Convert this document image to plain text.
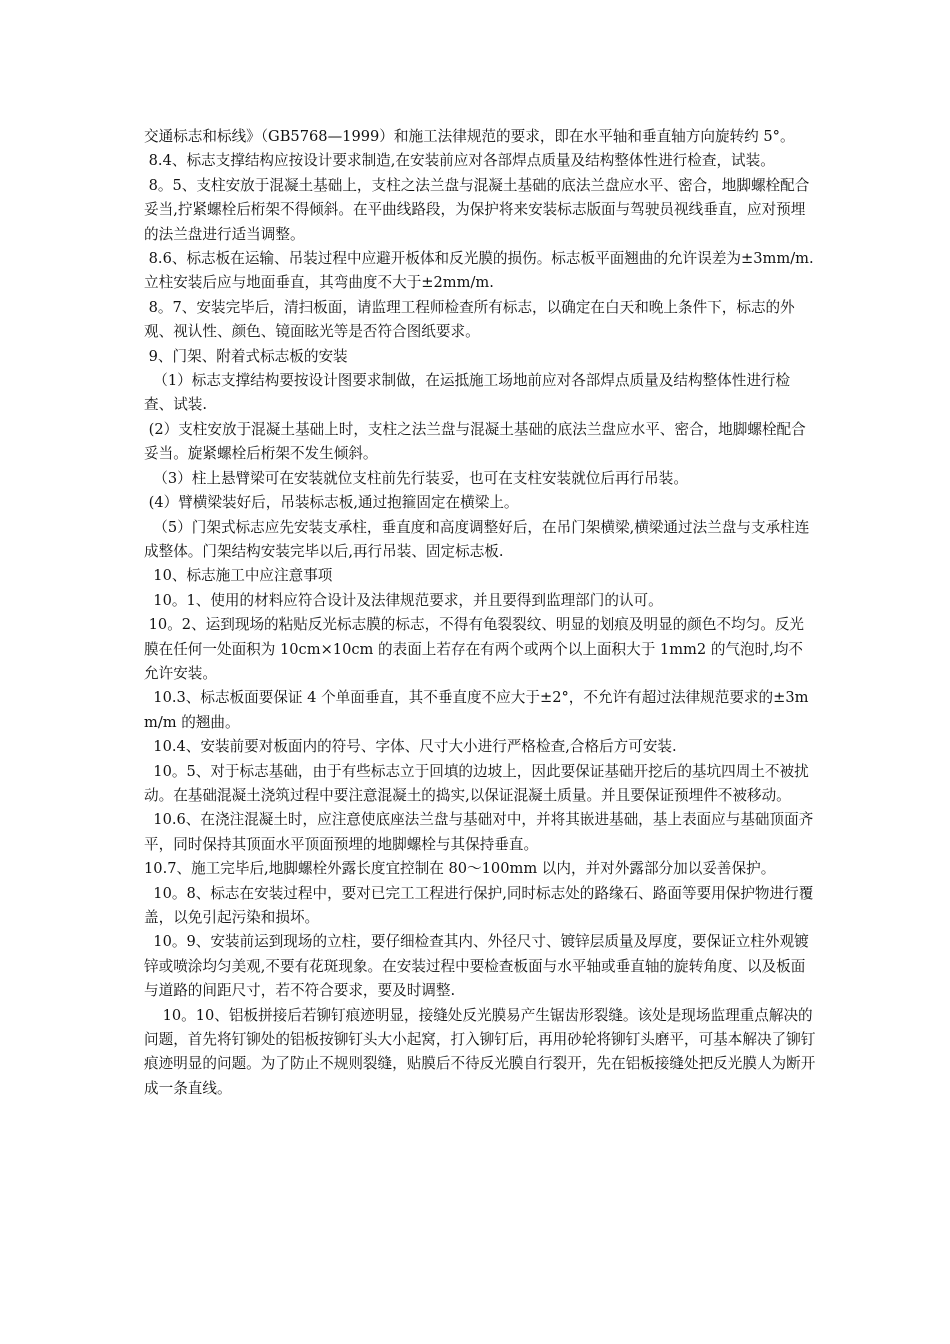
交通标志和标线》（GB5768—1999）和施工法律规范的要求，即在水平轴和垂直轴方向旋转约 5°。

8.4、标志支撑结构应按设计要求制造,在安装前应对各部焊点质量及结构整体性进行检查，试装。

8。5、支柱安放于混凝土基础上，支柱之法兰盘与混凝土基础的底法兰盘应水平、密合，地脚螺栓配合妥当,拧紧螺栓后桁架不得倾斜。在平曲线路段，为保护将来安装标志版面与驾驶员视线垂直，应对预埋的法兰盘进行适当调整。

8.6、标志板在运输、吊装过程中应避开板体和反光膜的损伤。标志板平面翘曲的允许误差为±3mm/m.立柱安装后应与地面垂直，其弯曲度不大于±2mm/m.

8。7、安装完毕后，清扫板面，请监理工程师检查所有标志，以确定在白天和晚上条件下，标志的外观、视认性、颜色、镜面眩光等是否符合图纸要求。

9、门架、附着式标志板的安装

（1）标志支撑结构要按设计图要求制做，在运抵施工场地前应对各部焊点质量及结构整体性进行检查、试装.

(2）支柱安放于混凝土基础上时，支柱之法兰盘与混凝土基础的底法兰盘应水平、密合，地脚螺栓配合妥当。旋紧螺栓后桁架不发生倾斜。

（3）柱上悬臂梁可在安装就位支柱前先行装妥，也可在支柱安装就位后再行吊装。

(4）臂横梁装好后，吊装标志板,通过抱箍固定在横梁上。

（5）门架式标志应先安装支承柱，垂直度和高度调整好后，在吊门架横梁,横梁通过法兰盘与支承柱连成整体。门架结构安装完毕以后,再行吊装、固定标志板.

10、标志施工中应注意事项

10。1、使用的材料应符合设计及法律规范要求，并且要得到监理部门的认可。

10。2、运到现场的粘贴反光标志膜的标志，不得有龟裂裂纹、明显的划痕及明显的颜色不均匀。反光膜在任何一处面积为 10cm×10cm 的表面上若存在有两个或两个以上面积大于 1mm2 的气泡时,均不允许安装。

10.3、标志板面要保证 4 个单面垂直，其不垂直度不应大于±2°，不允许有超过法律规范要求的±3mm/m 的翘曲。

10.4、安装前要对板面内的符号、字体、尺寸大小进行严格检查,合格后方可安装.

10。5、对于标志基础，由于有些标志立于回填的边坡上，因此要保证基础开挖后的基坑四周土不被扰动。在基础混凝土浇筑过程中要注意混凝土的捣实,以保证混凝土质量。并且要保证预埋件不被移动。

10.6、在浇注混凝土时，应注意使底座法兰盘与基础对中，并将其嵌进基础，基上表面应与基础顶面齐平，同时保持其顶面水平顶面预埋的地脚螺栓与其保持垂直。

10.7、施工完毕后,地脚螺栓外露长度宜控制在 80～100mm 以内，并对外露部分加以妥善保护。

10。8、标志在安装过程中，要对已完工工程进行保护,同时标志处的路缘石、路面等要用保护物进行覆盖，以免引起污染和损坏。

10。9、安装前运到现场的立柱，要仔细检查其内、外径尺寸、镀锌层质量及厚度，要保证立柱外观镀锌或喷涂均匀美观,不要有花斑现象。在安装过程中要检查板面与水平轴或垂直轴的旋转角度、以及板面与道路的间距尺寸，若不符合要求，要及时调整.

10。10、铝板拼接后若铆钉痕迹明显，接缝处反光膜易产生锯齿形裂缝。该处是现场监理重点解决的问题，首先将钉铆处的铝板按铆钉头大小起窝，打入铆钉后，再用砂轮将铆钉头磨平，可基本解决了铆钉痕迹明显的问题。为了防止不规则裂缝，贴膜后不待反光膜自行裂开，先在铝板接缝处把反光膜人为断开成一条直线。
